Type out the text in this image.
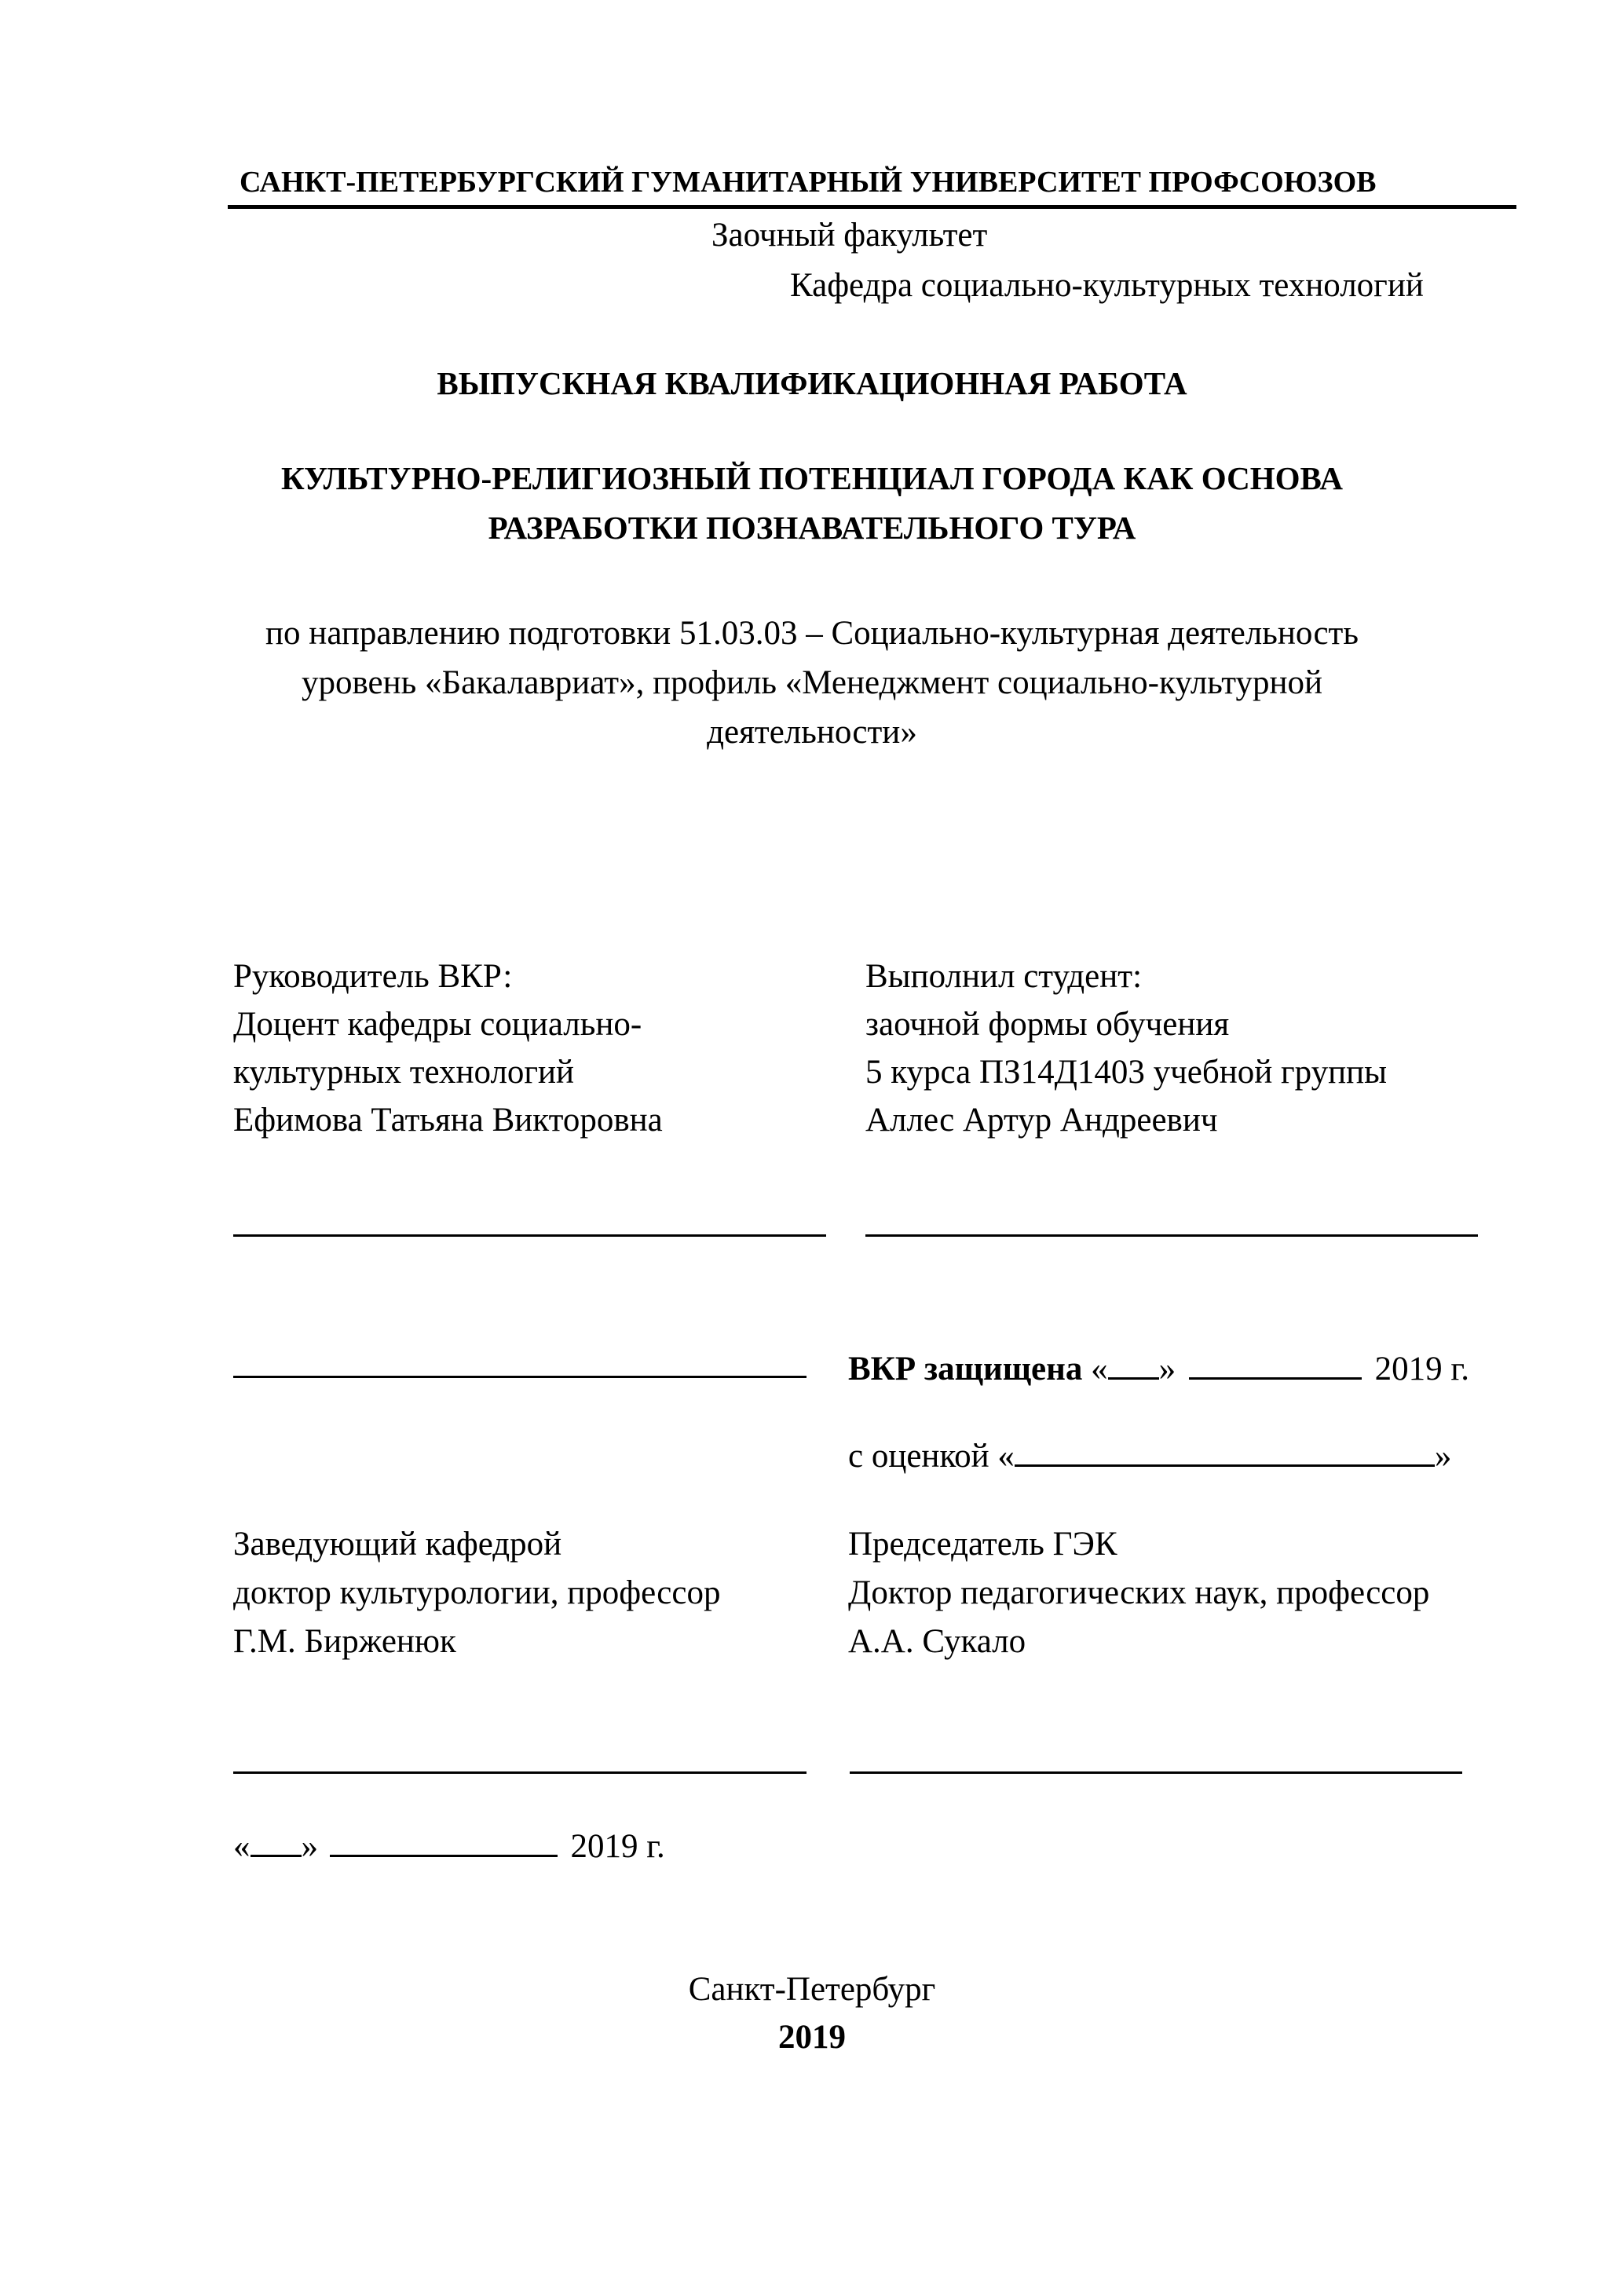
САНКТ-ПЕТЕРБУРГСКИЙ ГУМАНИТАРНЫЙ УНИВЕРСИТЕТ ПРОФСОЮЗОВ
Заочный факультет
Кафедра социально-культурных технологий
ВЫПУСКНАЯ КВАЛИФИКАЦИОННАЯ РАБОТА
КУЛЬТУРНО-РЕЛИГИОЗНЫЙ ПОТЕНЦИАЛ ГОРОДА КАК ОСНОВА
РАЗРАБОТКИ ПОЗНАВАТЕЛЬНОГО ТУРА
по направлению подготовки 51.03.03 – Социально-культурная деятельность
уровень «Бакалавриат», профиль «Менеджмент социально-культурной
деятельности»
Руководитель ВКР:
Доцент кафедры социально-
культурных технологий
Ефимова Татьяна Викторовна
Выполнил студент:
заочной формы обучения
5 курса ПЗ14Д1403 учебной группы
Аллес Артур Андреевич
ВКР защищена « »	2019 г.
с оценкой «	»
Заведующий кафедрой
доктор культурологии, профессор
Г.М. Бирженюк
Председатель ГЭК
Доктор педагогических наук, профессор
А.А. Сукало
« »	2019 г.
Санкт-Петербург
2019
